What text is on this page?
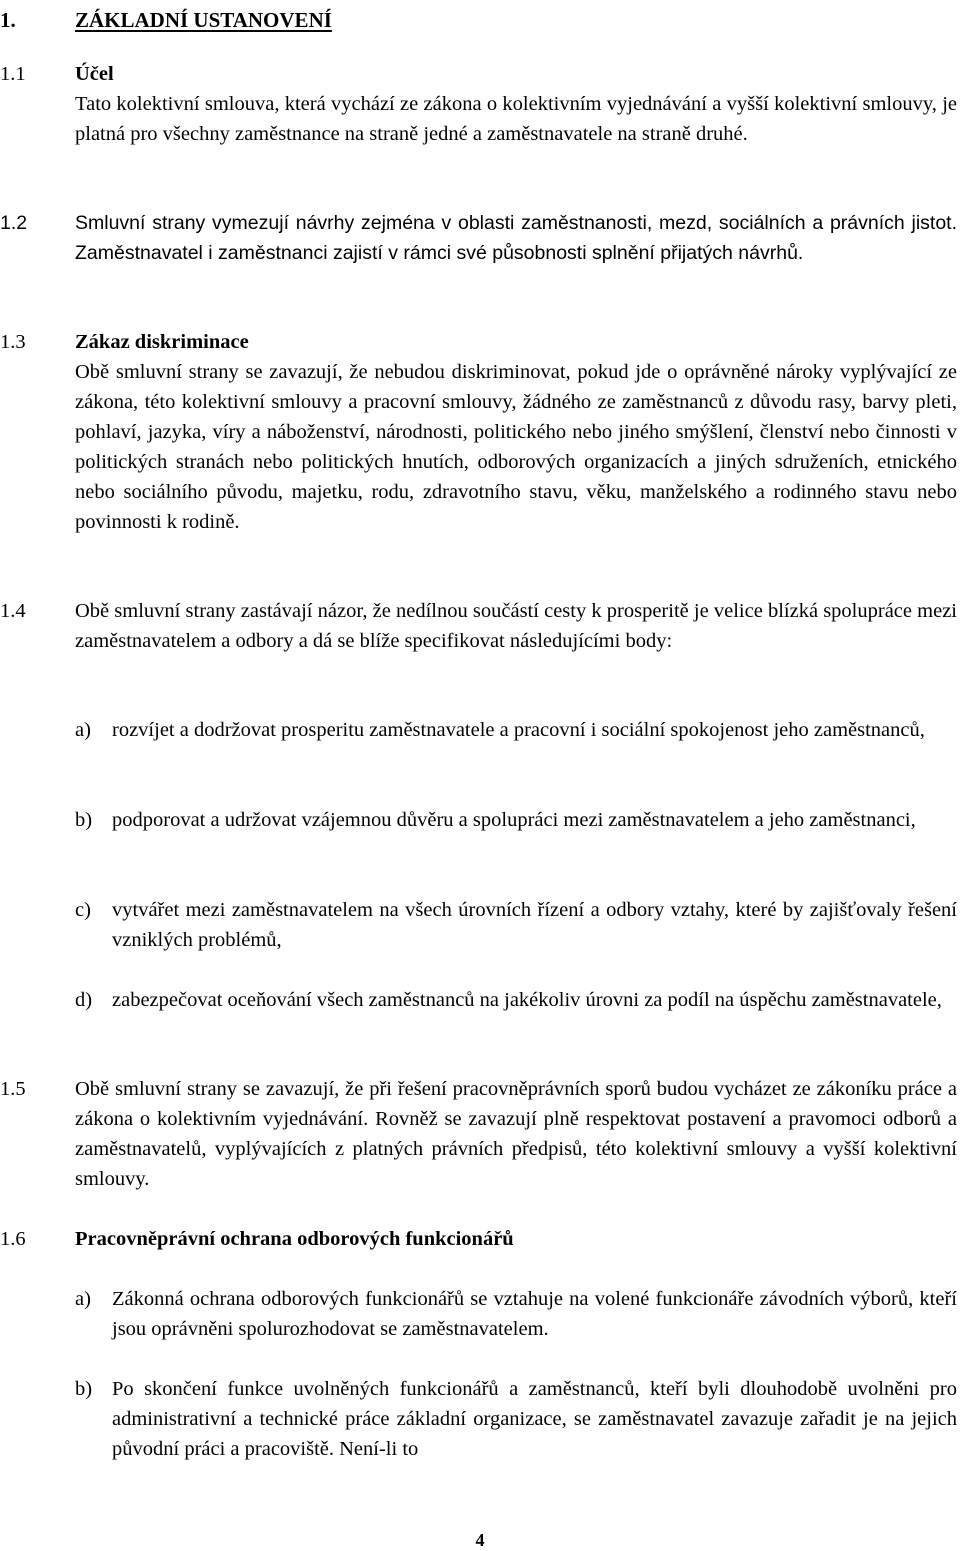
1.	ZÁKLADNÍ USTANOVENÍ
1.1 Účel
Tato kolektivní smlouva, která vychází ze zákona o kolektivním vyjednávání a vyšší kolektivní smlouvy, je platná pro všechny zaměstnance na straně jedné a zaměstnavatele na straně druhé.
1.2 Smluvní strany vymezují návrhy zejména v oblasti zaměstnanosti, mezd, sociálních a právních jistot. Zaměstnavatel i zaměstnanci zajistí v rámci své působnosti splnění přijatých návrhů.
1.3 Zákaz diskriminace
Obě smluvní strany se zavazují, že nebudou diskriminovat, pokud jde o oprávněné nároky vyplývající ze zákona, této kolektivní smlouvy a pracovní smlouvy, žádného ze zaměstnanců z důvodu rasy, barvy pleti, pohlaví, jazyka, víry a náboženství, národnosti, politického nebo jiného smýšlení, členství nebo činnosti v politických stranách nebo politických hnutích, odborových organizacích a jiných sdruženích, etnického nebo sociálního původu, majetku, rodu, zdravotního stavu, věku, manželského a rodinného stavu nebo povinnosti k rodině.
1.4 Obě smluvní strany zastávají názor, že nedílnou součástí cesty k prosperitě je velice blízká spolupráce mezi zaměstnavatelem a odbory a dá se blíže specifikovat následujícími body:
a) rozvíjet a dodržovat prosperitu zaměstnavatele a pracovní i sociální spokojenost jeho zaměstnanců,
b) podporovat a udržovat vzájemnou důvěru a spolupráci mezi zaměstnavatelem a jeho zaměstnanci,
c) vytvářet mezi zaměstnavatelem na všech úrovních řízení a odbory vztahy, které by zajišťovaly řešení vzniklých problémů,
d) zabezpečovat oceňování všech zaměstnanců na jakékoliv úrovni za podíl na úspěchu zaměstnavatele,
1.5 Obě smluvní strany se zavazují, že při řešení pracovněprávních sporů budou vycházet ze zákoníku práce a zákona o kolektivním vyjednávání. Rovněž se zavazují plně respektovat postavení a pravomoci odborů a zaměstnavatelů, vyplývajících z platných právních předpisů, této kolektivní smlouvy a vyšší kolektivní smlouvy.
1.6 Pracovněprávní ochrana odborových funkcionářů
a) Zákonná ochrana odborových funkcionářů se vztahuje na volené funkcionáře závodních výborů, kteří jsou oprávněni spolurozhodovat se zaměstnavatelem.
b) Po skončení funkce uvolněných funkcionářů a zaměstnanců, kteří byli dlouhodobě uvolněni pro administrativní a technické práce základní organizace, se zaměstnavatel zavazuje zařadit je na jejich původní práci a pracoviště. Není-li to
4
